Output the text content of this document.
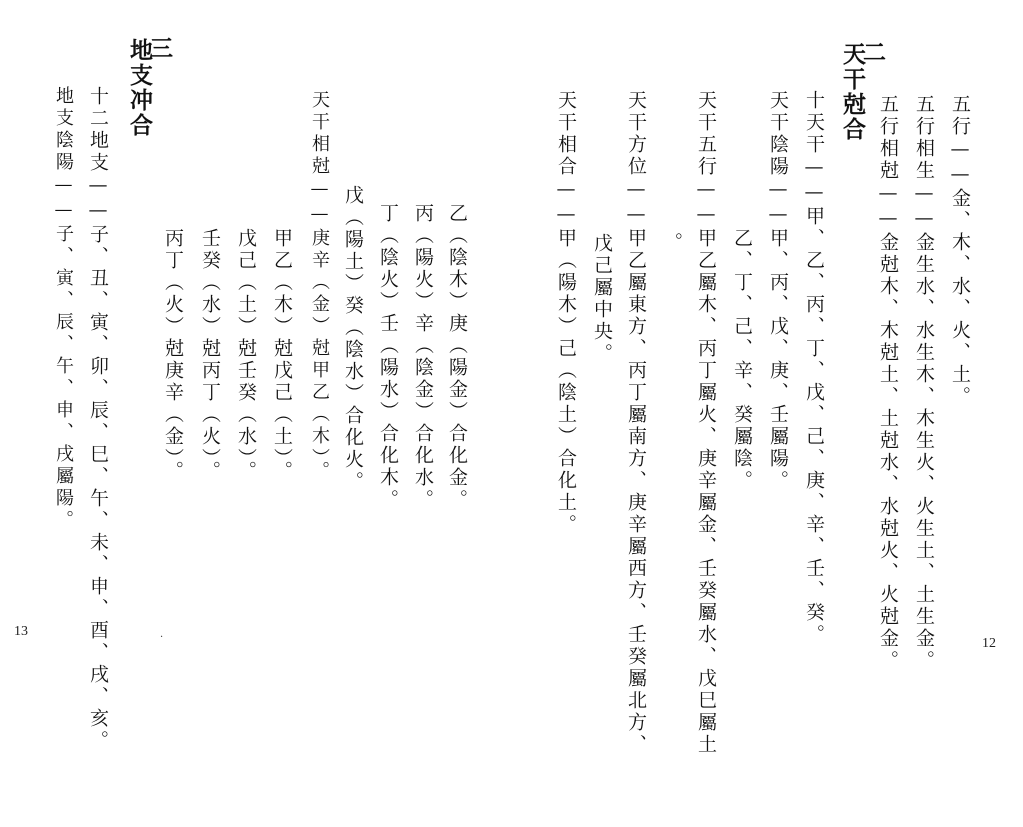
三
地支冲合
十二地支——子、丑、寅、卯、辰、巳、午、未、申、酉、戌、亥。
地支陰陽——子、寅、辰、午、申、戌屬陽。	天干相尅——庚辛（金）尅甲乙（木）。	乙（陰木）庚（陽金）合化金。
丙（陽火）辛（陰金）合化水。
丁（陰火）壬（陽水）合化木。
戊（陽土）癸（陰水）合化火。
甲乙（木）尅戊己（土）。
戊己（土）尅壬癸（水）。
壬癸（水）尅丙丁（火）。
丙丁（火）尅庚辛（金）。
·
13
二
天干尅合
五行——金、木、水、火、土。
五行相生——金生水、水生木、木生火、火生土、土生金。
五行相尅——金尅木、木尅土、土尅水、水尅火、火尅金。
十天干——甲、乙、丙、丁、戊、己、庚、辛、壬、癸。
天干陰陽——甲、丙、戊、庚、壬屬陽。
乙、丁、己、辛、癸屬陰。
天干五行——甲乙屬木、丙丁屬火、庚辛屬金、壬癸屬水、戊巳屬土
。
天干方位——甲乙屬東方、丙丁屬南方、庚辛屬西方、壬癸屬北方、
戊己屬中央。
天干相合——甲（陽木）己（陰土）合化土。
12
